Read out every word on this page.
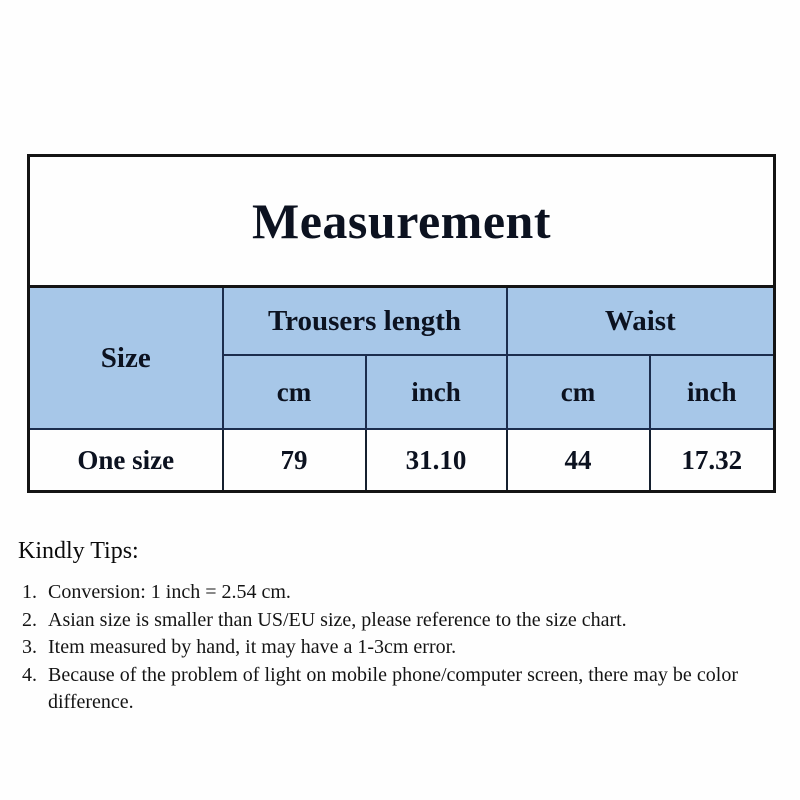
Measurement				
Size	Trousers length		Waist	
	cm	inch	cm	inch
One size	79	31.10	44	17.32
Kindly Tips:
1. Conversion: 1 inch = 2.54 cm.
2. Asian size is smaller than US/EU size, please reference to the size chart.
3. Item measured by hand, it may have a 1-3cm error.
4. Because of the problem of light on mobile phone/computer screen, there may be color difference.
